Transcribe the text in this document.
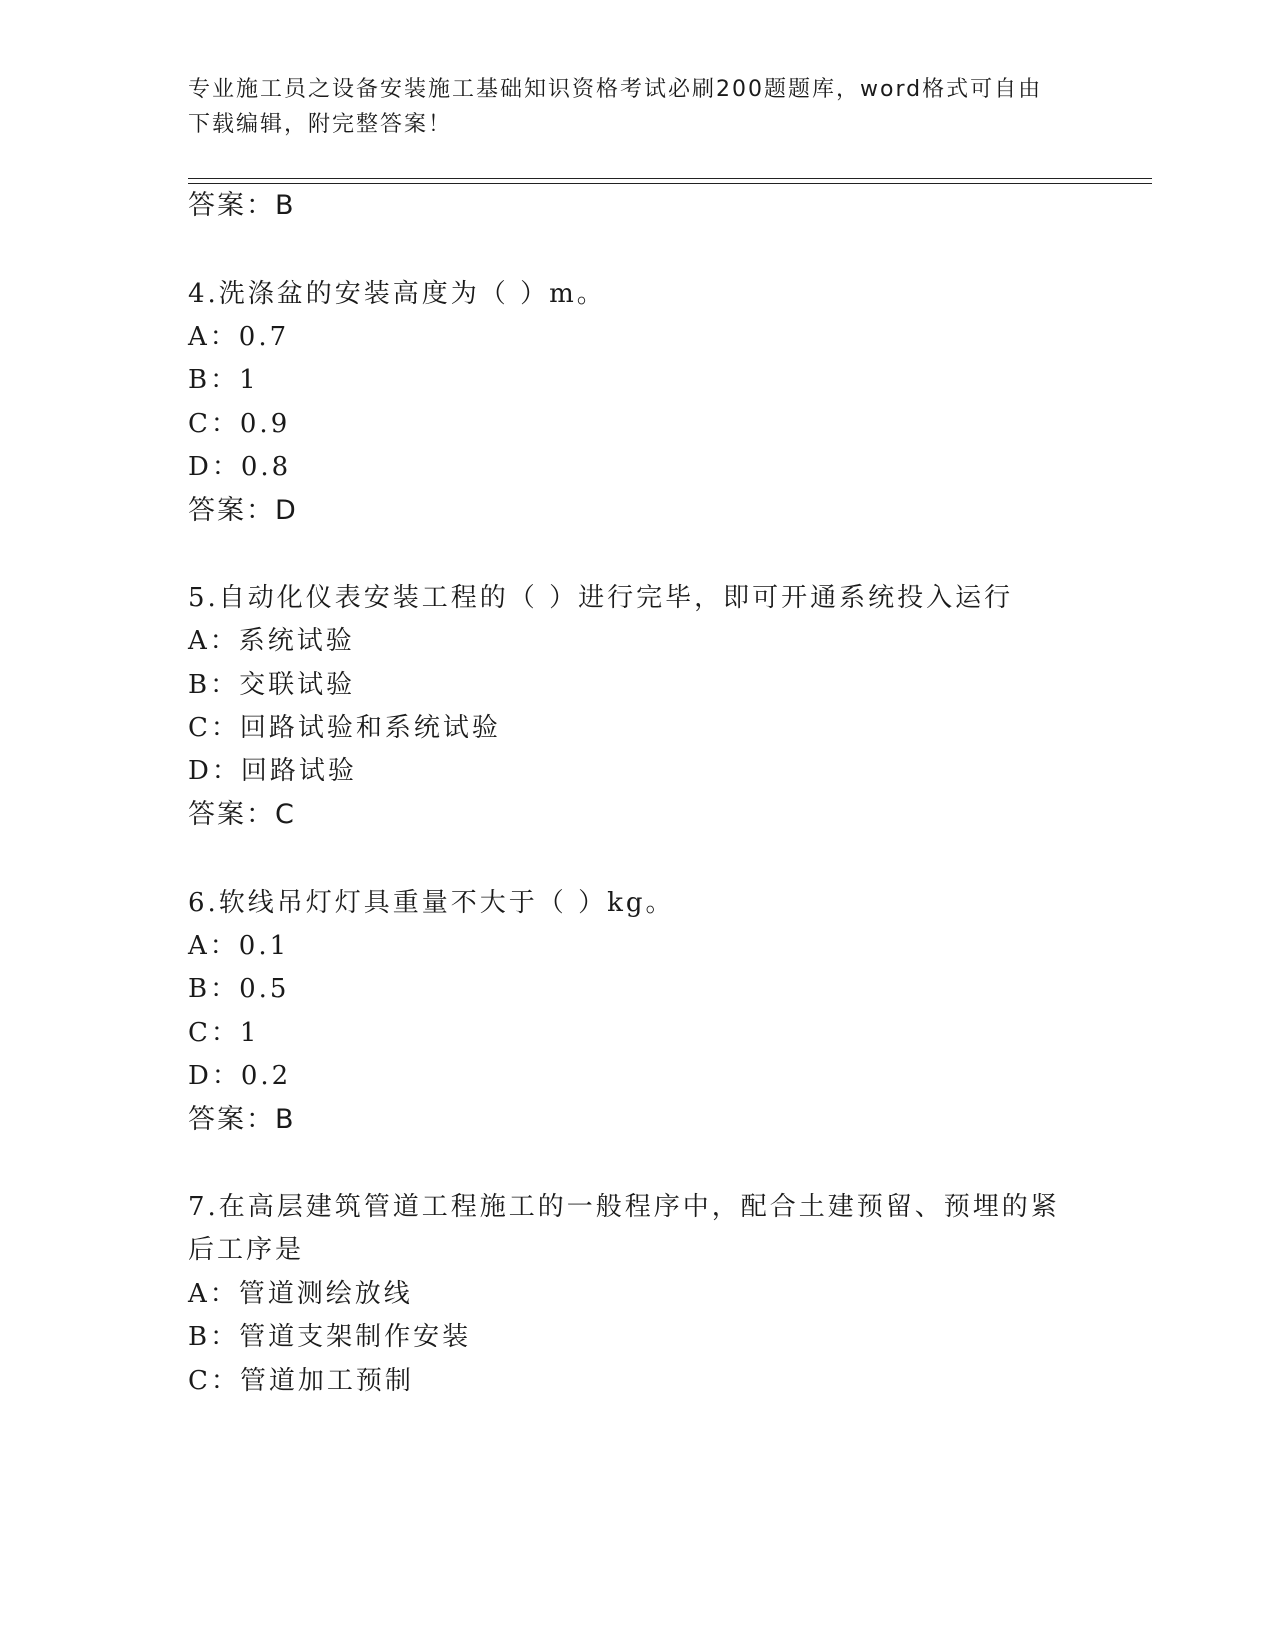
专业施工员之设备安装施工基础知识资格考试必刷200题题库，word格式可自由
下载编辑，附完整答案！
答案：B
4.洗涤盆的安装高度为（ ）m。
A：0.7
B：1
C：0.9
D：0.8
答案：D
5.自动化仪表安装工程的（ ）进行完毕，即可开通系统投入运行
A：系统试验
B：交联试验
C：回路试验和系统试验
D：回路试验
答案：C
6.软线吊灯灯具重量不大于（ ）kg。
A：0.1
B：0.5
C：1
D：0.2
答案：B
7.在高层建筑管道工程施工的一般程序中，配合土建预留、预埋的紧
后工序是
A：管道测绘放线
B：管道支架制作安装
C：管道加工预制
